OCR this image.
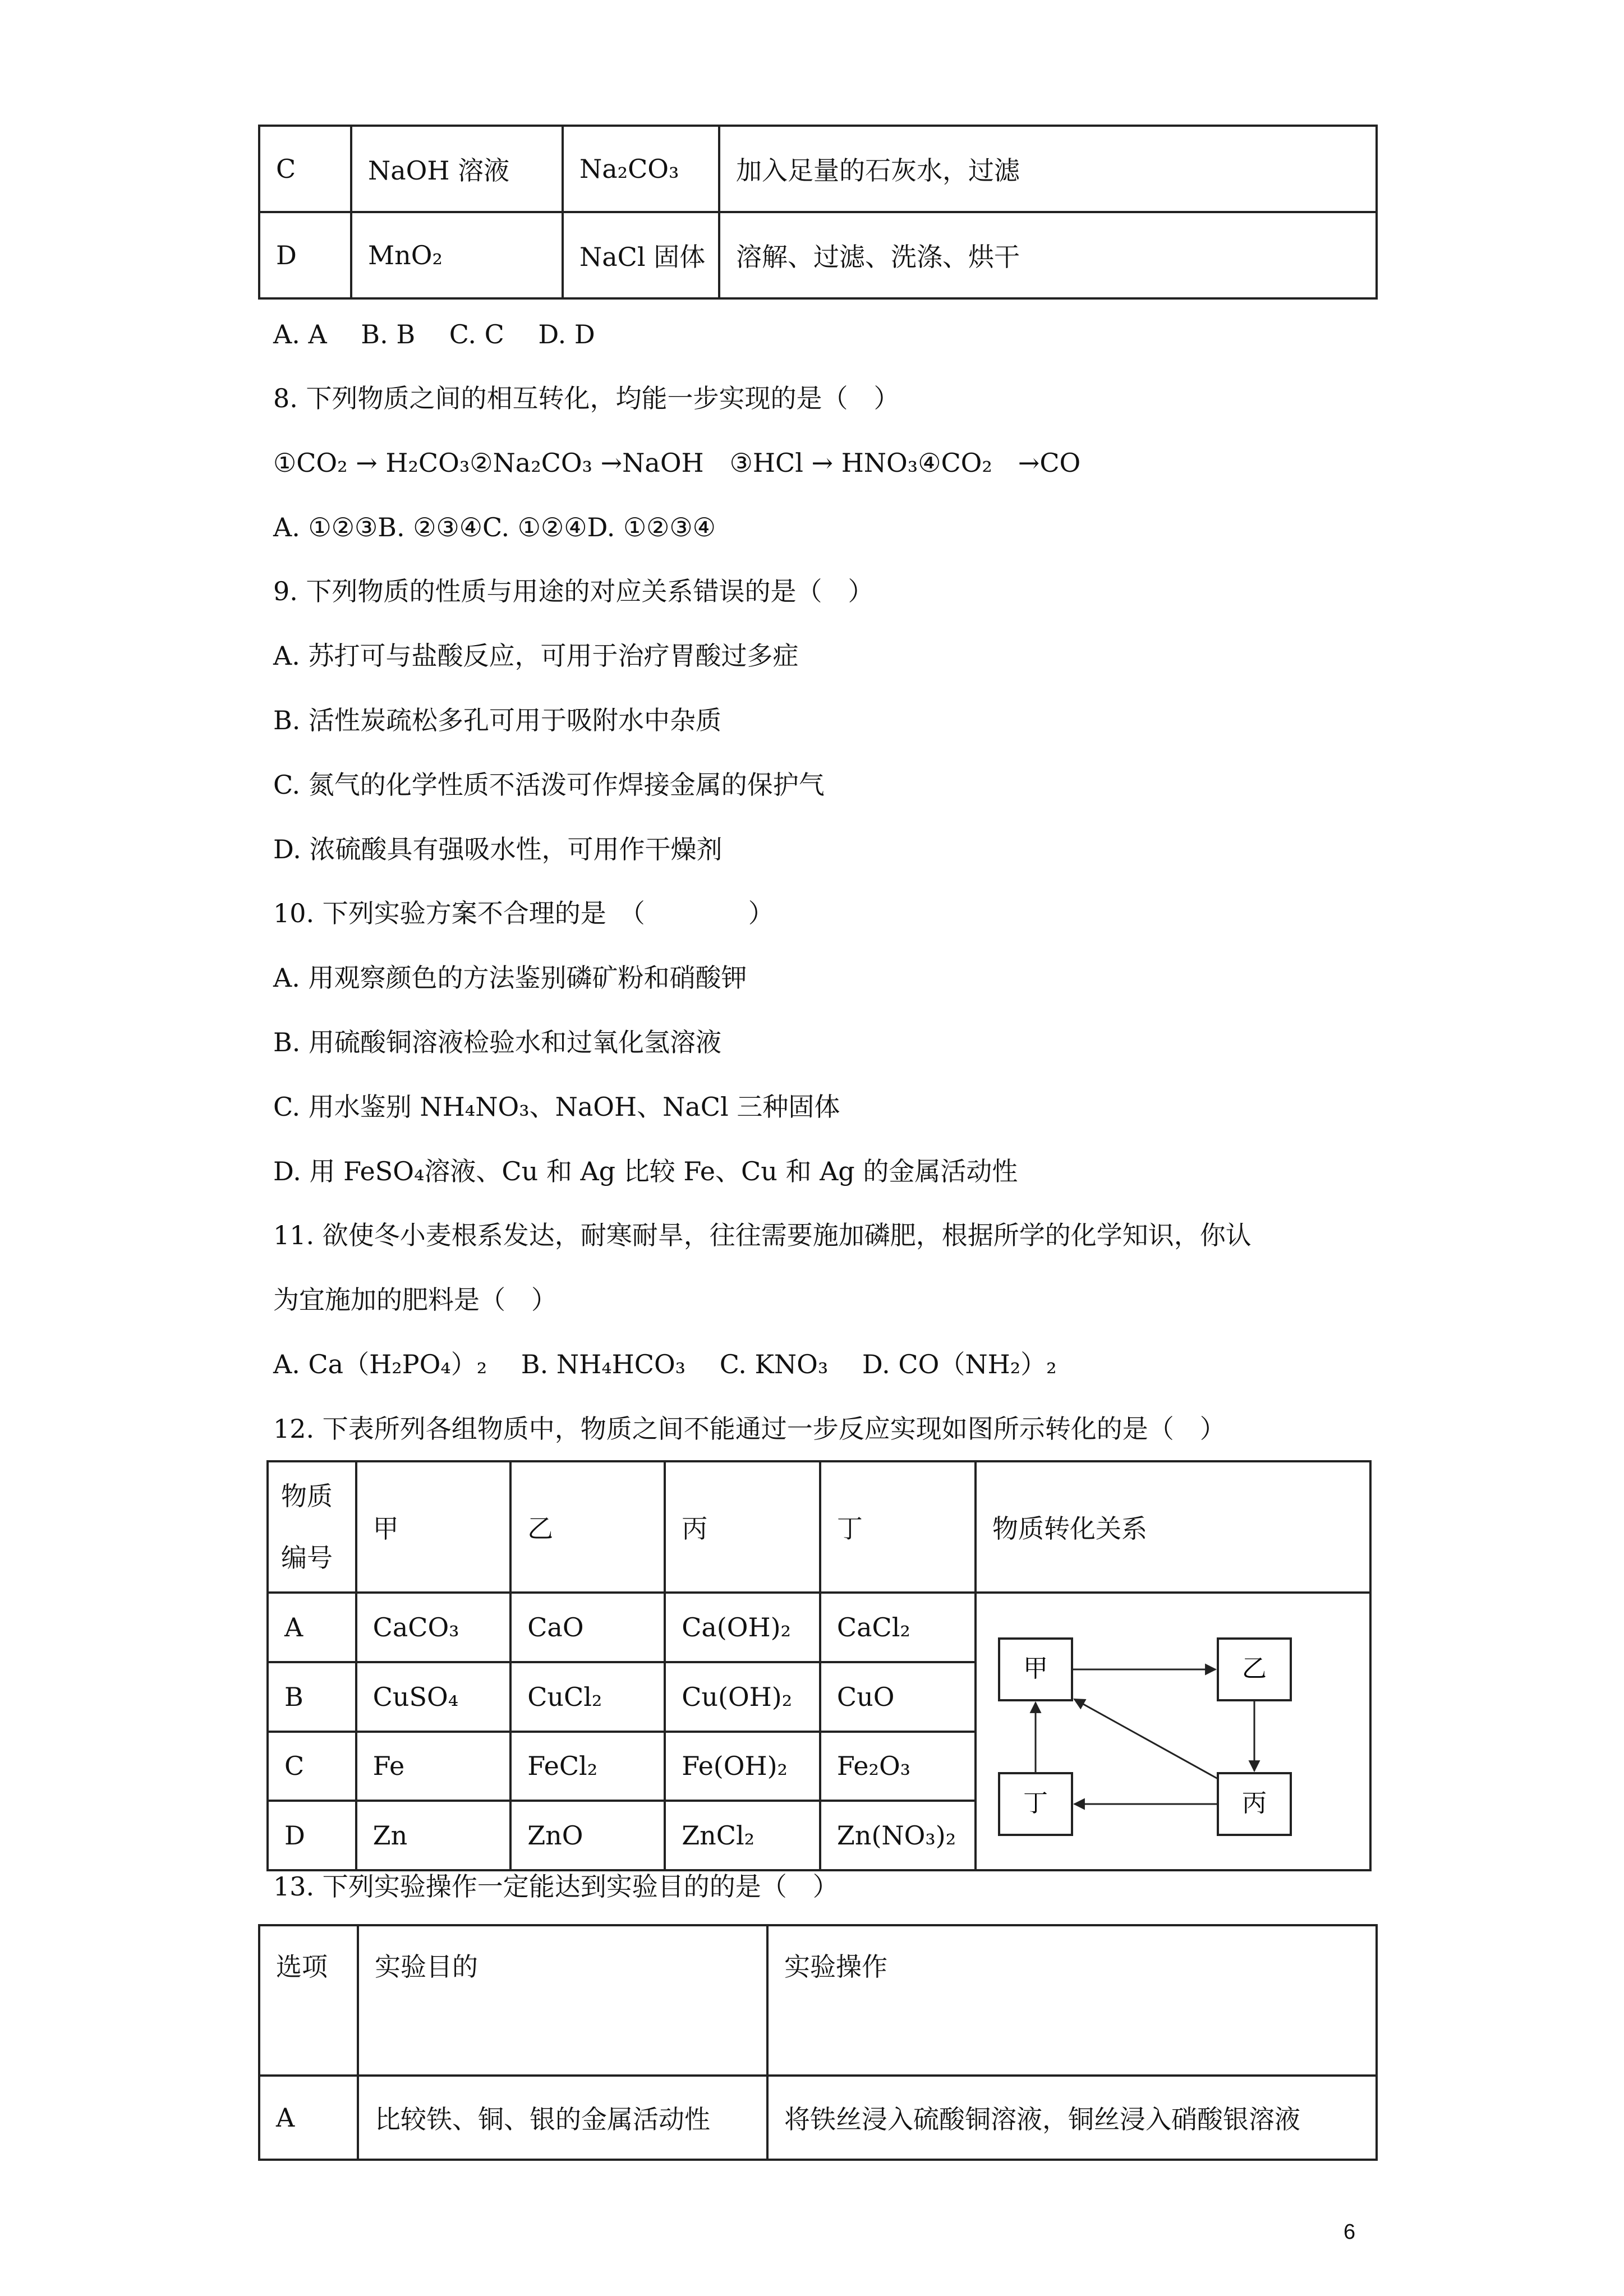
C	NaOH 溶液	Na₂CO₃	加入足量的石灰水，过滤
D	MnO₂	NaCl 固体	溶解、过滤、洗涤、烘干
A. A　 B. B　 C. C　 D. D
8. 下列物质之间的相互转化，均能一步实现的是（　）
①CO₂ → H₂CO₃②Na₂CO₃ →NaOH　③HCl → HNO₃④CO₂　→CO
A. ①②③B. ②③④C. ①②④D. ①②③④
9. 下列物质的性质与用途的对应关系错误的是（　）
A. 苏打可与盐酸反应，可用于治疗胃酸过多症
B. 活性炭疏松多孔可用于吸附水中杂质
C. 氮气的化学性质不活泼可作焊接金属的保护气
D. 浓硫酸具有强吸水性，可用作干燥剂
10. 下列实验方案不合理的是　（　　　　）
A. 用观察颜色的方法鉴别磷矿粉和硝酸钾
B. 用硫酸铜溶液检验水和过氧化氢溶液
C. 用水鉴别 NH₄NO₃、NaOH、NaCl 三种固体
D. 用 FeSO₄溶液、Cu 和 Ag 比较 Fe、Cu 和 Ag 的金属活动性
11. 欲使冬小麦根系发达，耐寒耐旱，往往需要施加磷肥，根据所学的化学知识，你认
为宜施加的肥料是（　）
A. Ca（H₂PO₄）₂　 B. NH₄HCO₃　 C. KNO₃　 D. CO（NH₂）₂
12. 下表所列各组物质中，物质之间不能通过一步反应实现如图所示转化的是（　）
物质编号	甲	乙	丙	丁	物质转化关系
A	CaCO₃	CaO	Ca(OH)₂	CaCl₂	甲 乙
丙
丁

B	CuSO₄	CuCl₂	Cu(OH)₂	CuO	
C	Fe	FeCl₂	Fe(OH)₂	Fe₂O₃	
D	Zn	ZnO	ZnCl₂	Zn(NO₃)₂	
13. 下列实验操作一定能达到实验目的的是（　）
选项	实验目的	实验操作
A	比较铁、铜、银的金属活动性	将铁丝浸入硫酸铜溶液，铜丝浸入硝酸银溶液
6
